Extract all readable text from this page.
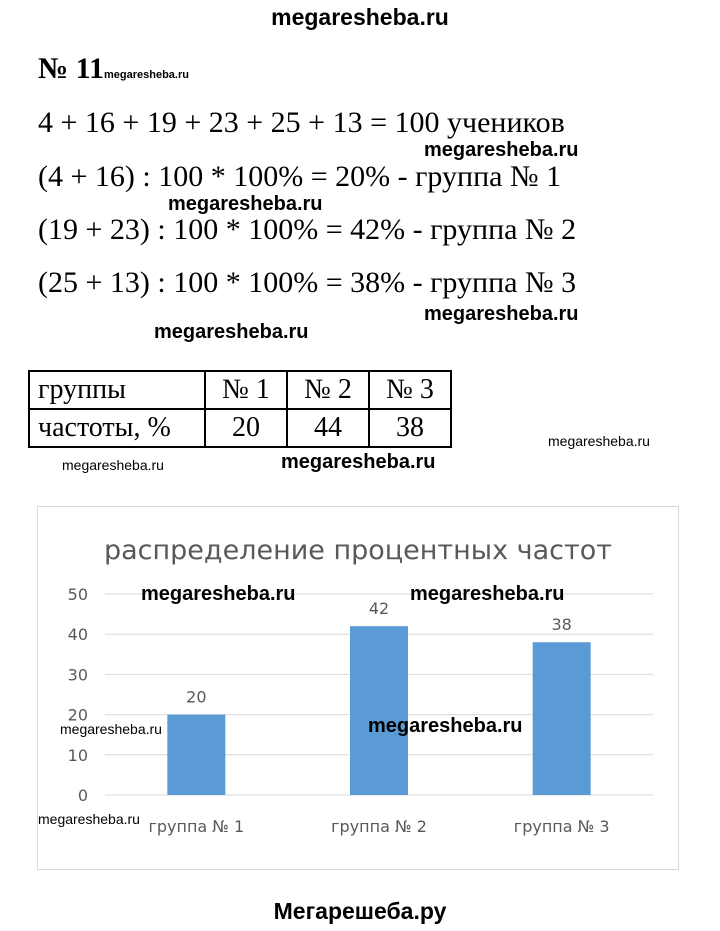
megaresheba.ru
№ 11megaresheba.ru
4 + 16 + 19 + 23 + 25 + 13 = 100 учеников
(4 + 16) : 100 * 100% = 20% - группа № 1
(19 + 23) : 100 * 100% = 42% - группа № 2
(25 + 13) : 100 * 100% = 38% - группа № 3
группы	№ 1	№ 2	№ 3
частоты, %	20	44	38
распределение процентных частот
0
10
20
30
40
50
20
группа № 1
42
группа № 2
38
группа № 3
megaresheba.ru
megaresheba.ru
megaresheba.ru
megaresheba.ru
megaresheba.ru
megaresheba.ru
megaresheba.ru
megaresheba.ru	megaresheba.ru
megaresheba.ru
megaresheba.ru
megaresheba.ru
Мегарешеба.ру
